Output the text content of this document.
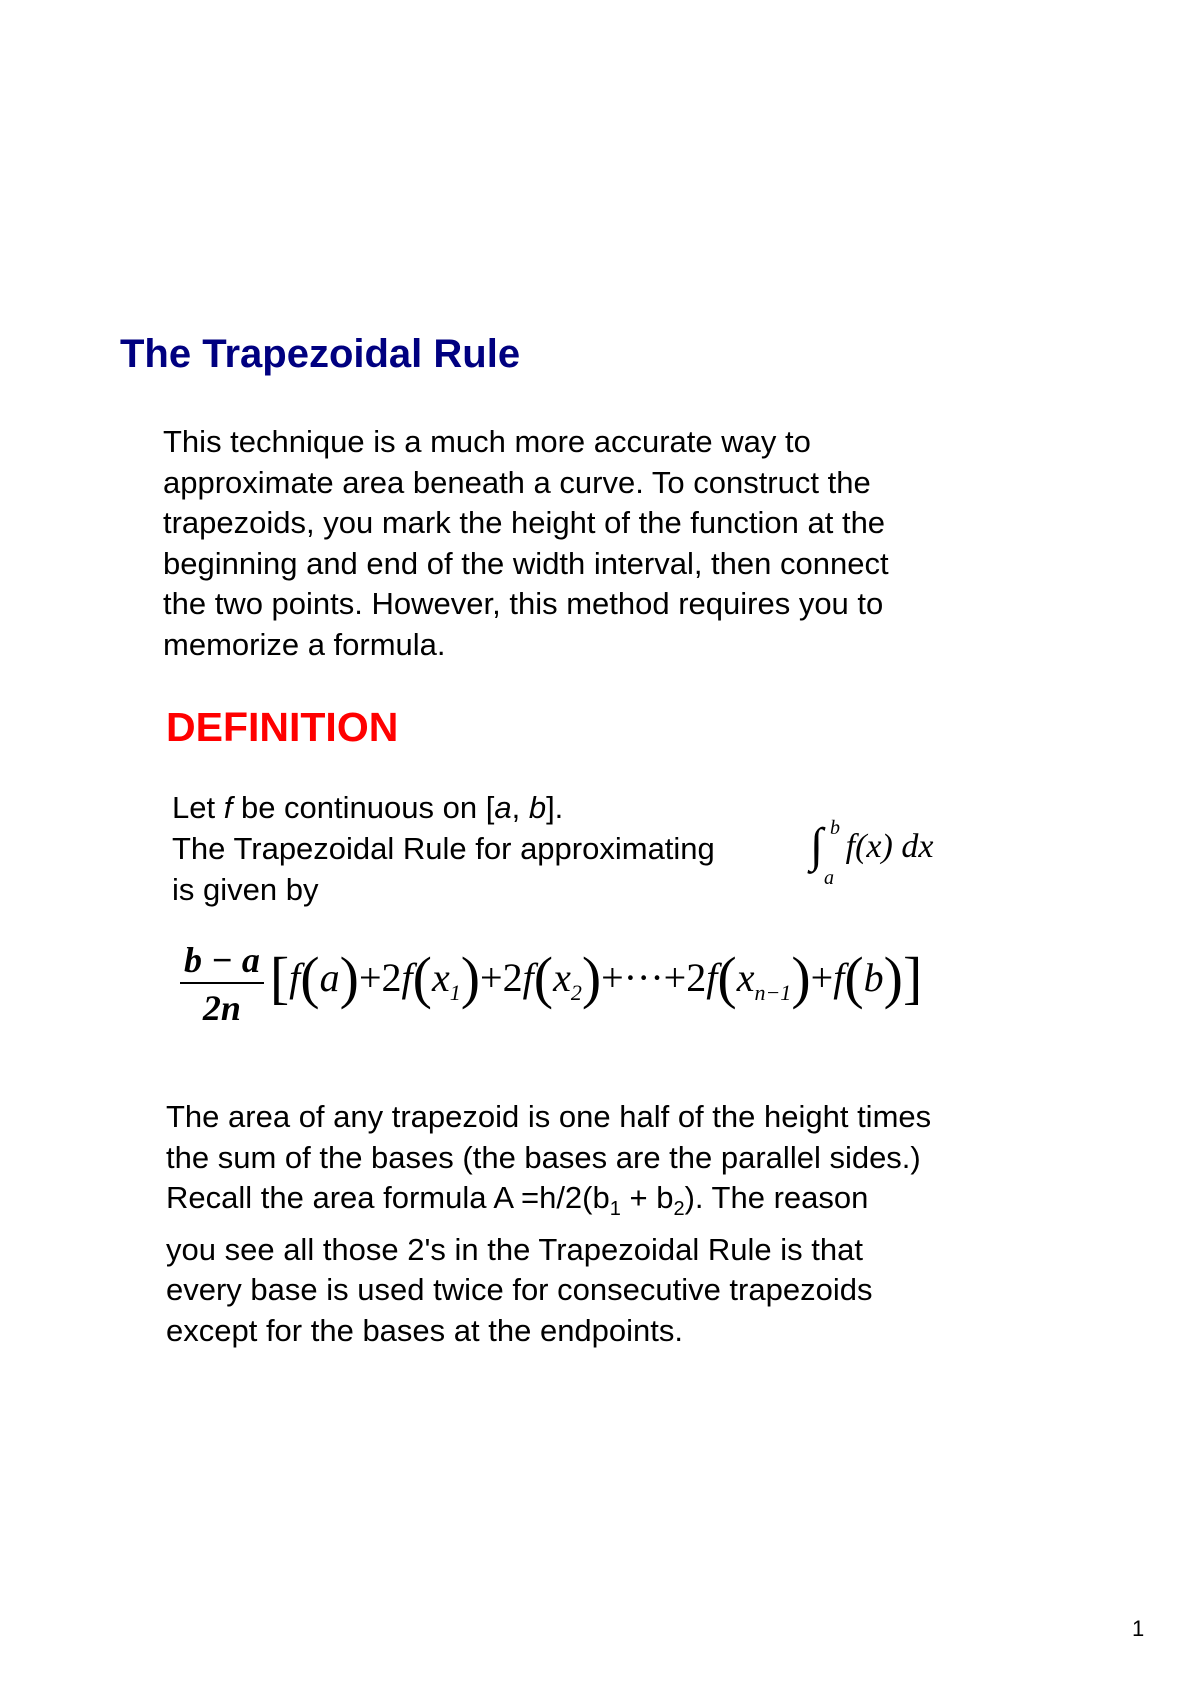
The Trapezoidal Rule
This technique is a much more accurate way to
approximate area beneath a curve. To construct the
trapezoids, you mark the height of the function at the
beginning and end of the width interval, then connect
the two points. However, this method requires you to
memorize a formula.
DEFINITION
Let f be continuous on [a, b].
The Trapezoidal Rule for approximating
is given by
∫ b
a
f(x) dx
$\frac{b - a}{2n} [f(a)+2f(x_1)+2f(x_2)+\cdot\cdot\cdot+2f(x_{n-1})+f(b)]$
The area of any trapezoid is one half of the height times
the sum of the bases (the bases are the parallel sides.)
Recall the area formula $A =h/2(b_1 + b_2)$. The reason
you see all those 2's in the Trapezoidal Rule is that
every base is used twice for consecutive trapezoids
except for the bases at the endpoints.
1
